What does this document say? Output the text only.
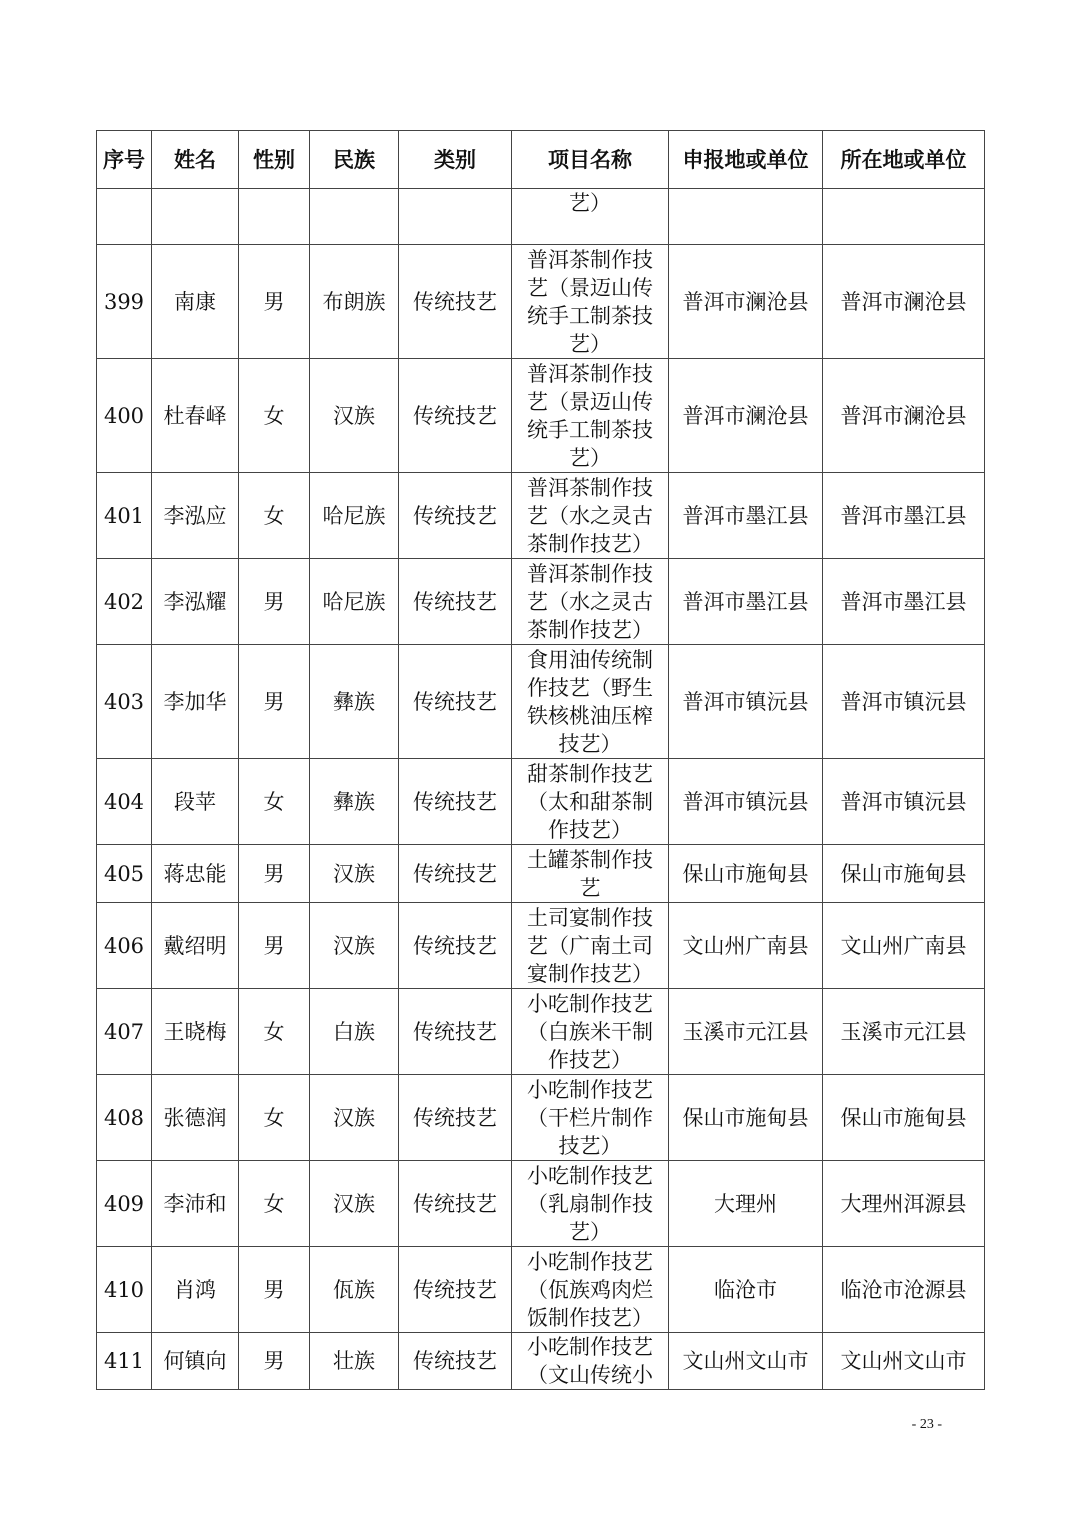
序号	姓名	性别	民族	类别	项目名称	申报地或单位	所在地或单位
					艺）		
399	南康	男	布朗族	传统技艺	普洱茶制作技艺（景迈山传统手工制茶技艺）	普洱市澜沧县	普洱市澜沧县
400	杜春峄	女	汉族	传统技艺	普洱茶制作技艺（景迈山传统手工制茶技艺）	普洱市澜沧县	普洱市澜沧县
401	李泓应	女	哈尼族	传统技艺	普洱茶制作技艺（水之灵古茶制作技艺）	普洱市墨江县	普洱市墨江县
402	李泓耀	男	哈尼族	传统技艺	普洱茶制作技艺（水之灵古茶制作技艺）	普洱市墨江县	普洱市墨江县
403	李加华	男	彝族	传统技艺	食用油传统制作技艺（野生铁核桃油压榨技艺）	普洱市镇沅县	普洱市镇沅县
404	段苹	女	彝族	传统技艺	甜茶制作技艺（太和甜茶制作技艺）	普洱市镇沅县	普洱市镇沅县
405	蒋忠能	男	汉族	传统技艺	土罐茶制作技艺	保山市施甸县	保山市施甸县
406	戴绍明	男	汉族	传统技艺	土司宴制作技艺（广南土司宴制作技艺）	文山州广南县	文山州广南县
407	王晓梅	女	白族	传统技艺	小吃制作技艺（白族米干制作技艺）	玉溪市元江县	玉溪市元江县
408	张德润	女	汉族	传统技艺	小吃制作技艺（干栏片制作技艺）	保山市施甸县	保山市施甸县
409	李沛和	女	汉族	传统技艺	小吃制作技艺（乳扇制作技艺）	大理州	大理州洱源县
410	肖鸿	男	佤族	传统技艺	小吃制作技艺（佤族鸡肉烂饭制作技艺）	临沧市	临沧市沧源县
411	何镇向	男	壮族	传统技艺	小吃制作技艺（文山传统小	文山州文山市	文山州文山市
- 23 -
